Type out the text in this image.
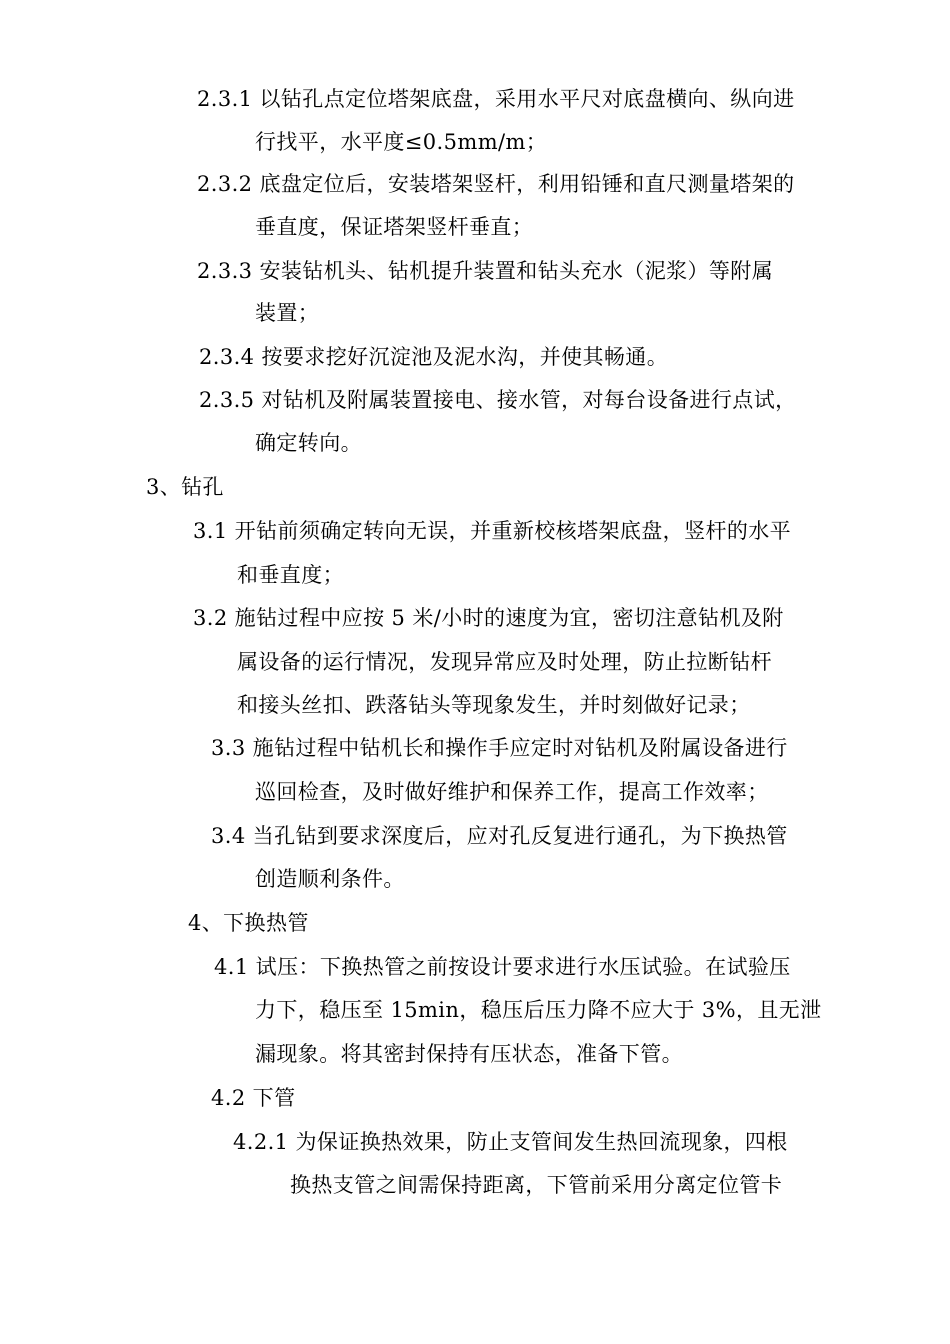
2.3.1 以钻孔点定位塔架底盘，采用水平尺对底盘横向、纵向进
行找平，水平度≤0.5mm/m；
2.3.2 底盘定位后，安装塔架竖杆，利用铅锤和直尺测量塔架的
垂直度，保证塔架竖杆垂直；
2.3.3 安装钻机头、钻机提升装置和钻头充水（泥浆）等附属
装置；
2.3.4 按要求挖好沉淀池及泥水沟，并使其畅通。
2.3.5 对钻机及附属装置接电、接水管，对每台设备进行点试，
确定转向。
3、钻孔
3.1 开钻前须确定转向无误，并重新校核塔架底盘，竖杆的水平
和垂直度；
3.2 施钻过程中应按 5 米/小时的速度为宜，密切注意钻机及附
属设备的运行情况，发现异常应及时处理，防止拉断钻杆
和接头丝扣、跌落钻头等现象发生，并时刻做好记录；
3.3 施钻过程中钻机长和操作手应定时对钻机及附属设备进行
巡回检查，及时做好维护和保养工作，提高工作效率；
3.4 当孔钻到要求深度后，应对孔反复进行通孔，为下换热管
创造顺利条件。
4、下换热管
4.1 试压：下换热管之前按设计要求进行水压试验。在试验压
力下，稳压至 15min，稳压后压力降不应大于 3%，且无泄
漏现象。将其密封保持有压状态，准备下管。
4.2 下管
4.2.1 为保证换热效果，防止支管间发生热回流现象，四根
换热支管之间需保持距离，下管前采用分离定位管卡
